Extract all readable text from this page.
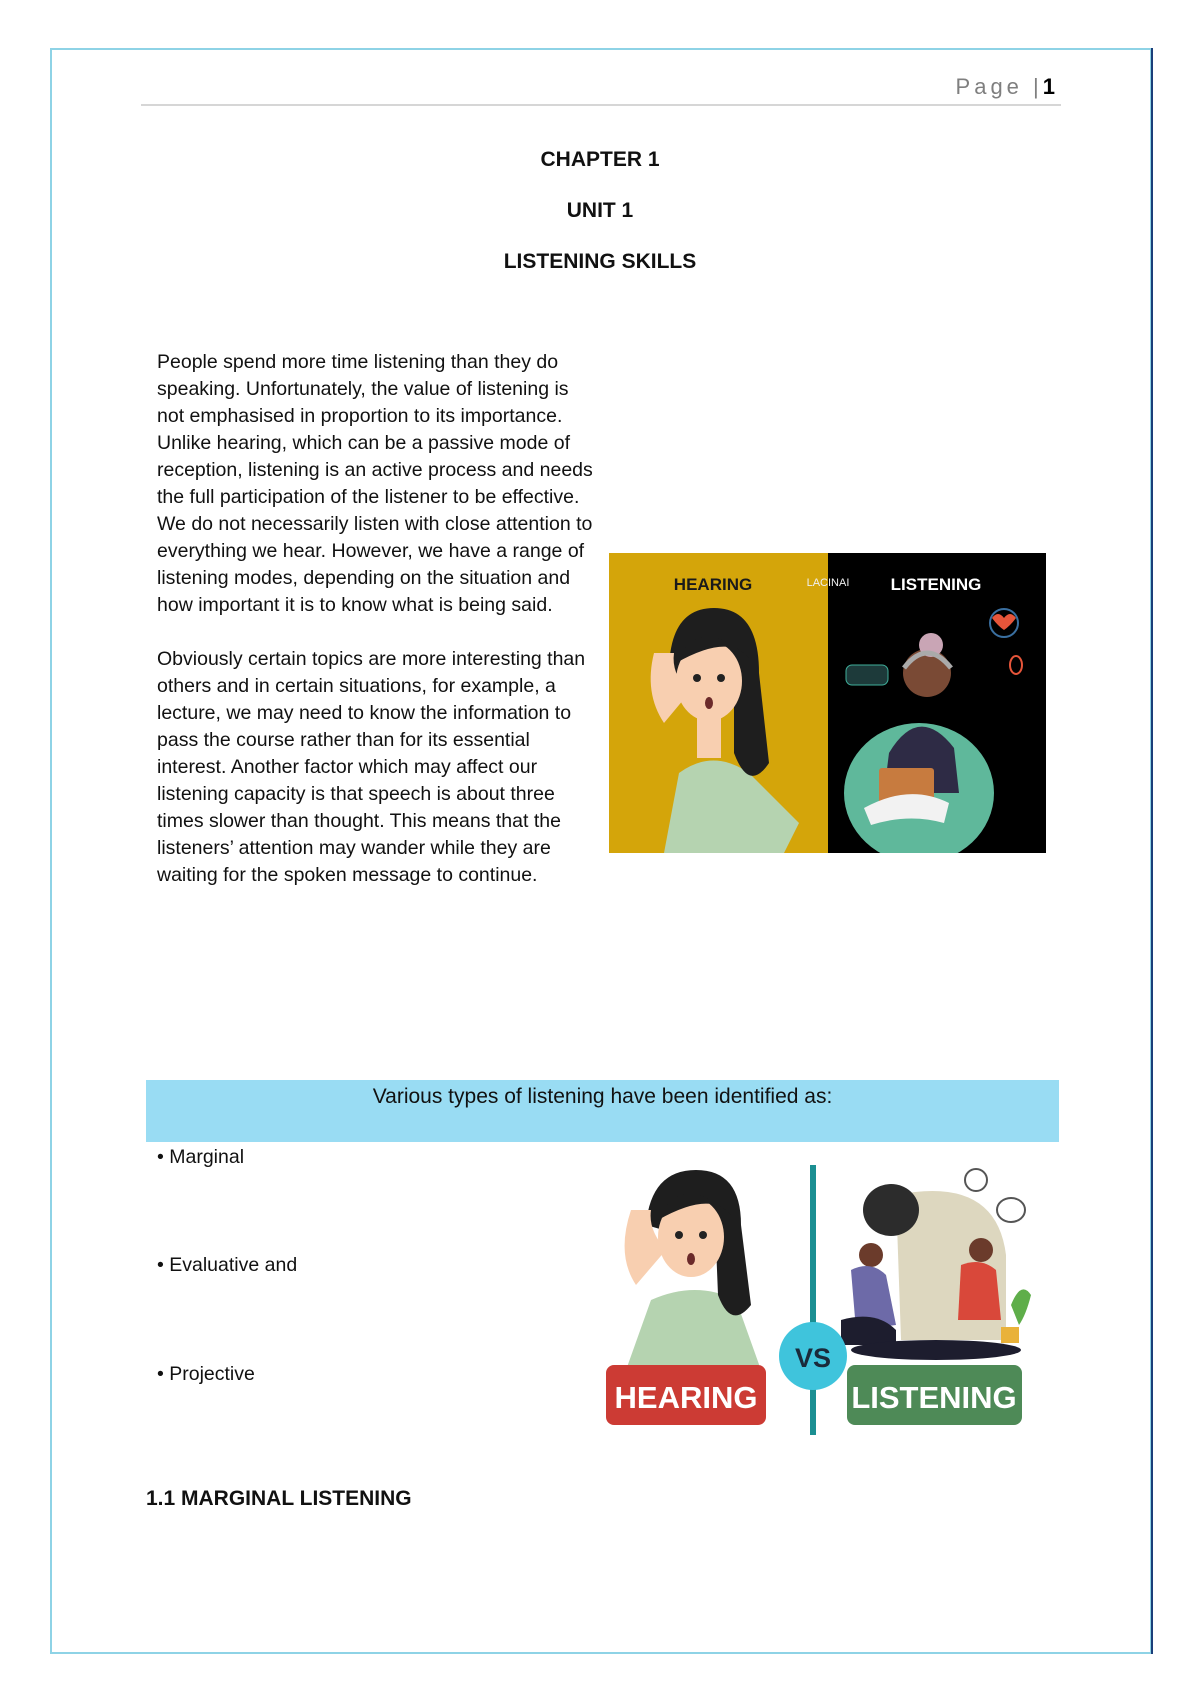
Page |1
CHAPTER 1
UNIT 1
LISTENING SKILLS

People spend more time listening than they do speaking. Unfortunately, the value of listening is not emphasised in proportion to its importance. Unlike hearing, which can be a passive mode of reception, listening is an active process and needs the full participation of the listener to be effective. We do not necessarily listen with close attention to everything we hear. However, we have a range of listening modes, depending on the situation and how important it is to know what is being said.

Obviously certain topics are more interesting than others and in certain situations, for example, a lecture, we may need to know the information to pass the course rather than for its essential interest. Another factor which may affect our listening capacity is that speech is about three times slower than thought. This means that the listeners’ attention may wander while they are waiting for the spoken message to continue.

HEARING	LISTENING
LACINAI
Various types of listening have been identified as:
• Marginal
• Evaluative and
• Projective
HEARING	LISTENING
VS
1.1 MARGINAL LISTENING
